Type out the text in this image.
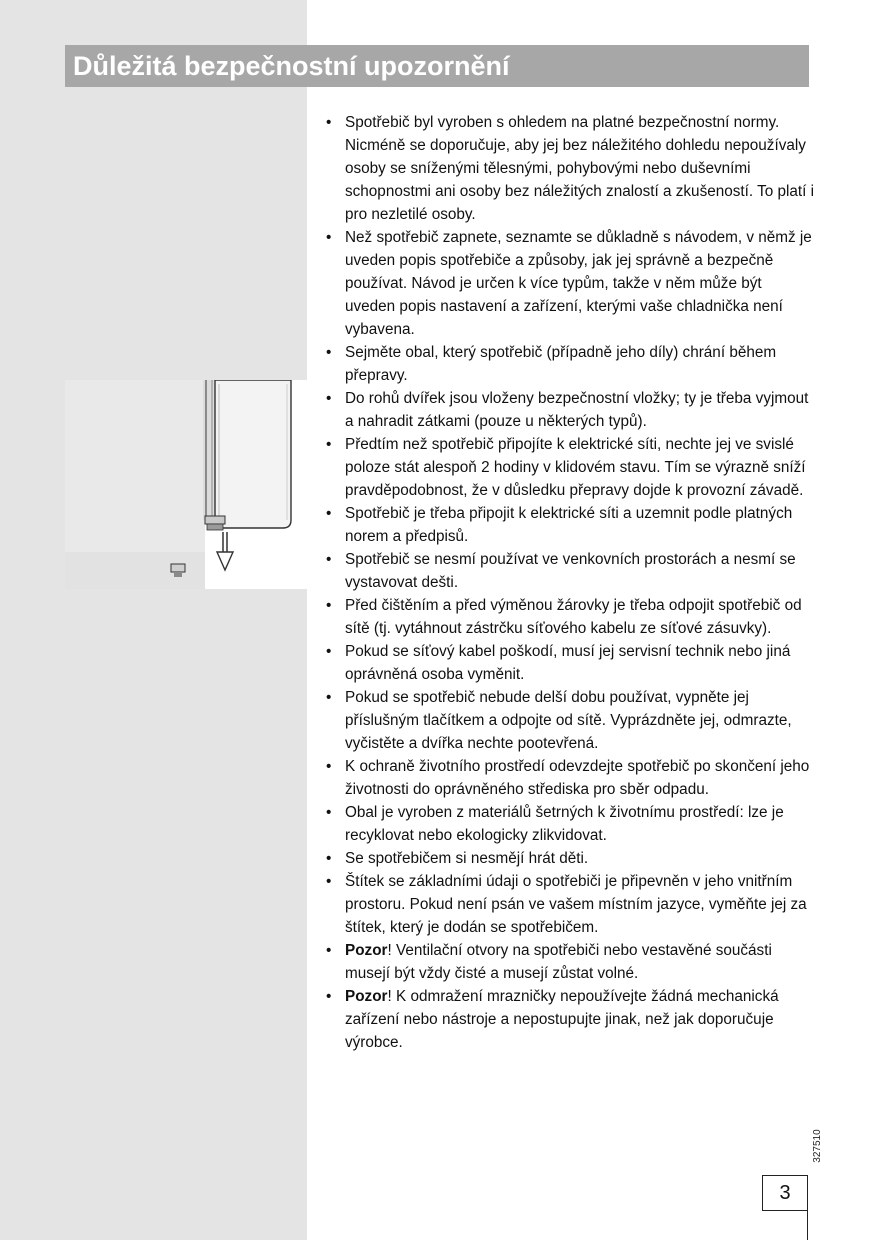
Důležitá bezpečnostní upozornění
• Spotřebič byl vyroben s ohledem na platné bezpečnostní normy. Nicméně se doporučuje, aby jej bez náležitého dohledu nepoužívaly osoby se sníženými tělesnými, pohybovými nebo duševními schopnostmi ani osoby bez náležitých znalostí a zkušeností. To platí i pro nezletilé osoby.
• Než spotřebič zapnete, seznamte se důkladně s návodem, v němž je uveden popis spotřebiče a způsoby, jak jej správně a bezpečně používat. Návod je určen k více typům, takže v něm může být uveden popis nastavení a zařízení, kterými vaše chladnička není vybavena.
• Sejměte obal, který spotřebič (případně jeho díly) chrání během přepravy.
• Do rohů dvířek jsou vloženy bezpečnostní vložky; ty je třeba vyjmout a nahradit zátkami (pouze u některých typů).
• Předtím než spotřebič připojíte k elektrické síti, nechte jej ve svislé poloze stát alespoň 2 hodiny v klidovém stavu. Tím se výrazně sníží pravděpodobnost, že v důsledku přepravy dojde k provozní závadě.
• Spotřebič je třeba připojit k elektrické síti a uzemnit podle platných norem a předpisů.
• Spotřebič se nesmí používat ve venkovních prostorách a nesmí se vystavovat dešti.
• Před čištěním a před výměnou žárovky je třeba odpojit spotřebič od sítě (tj. vytáhnout zástrčku síťového kabelu ze síťové zásuvky).
• Pokud se síťový kabel poškodí, musí jej servisní technik nebo jiná oprávněná osoba vyměnit.
• Pokud se spotřebič nebude delší dobu používat, vypněte jej příslušným tlačítkem a odpojte od sítě. Vyprázdněte jej, odmrazte, vyčistěte a dvířka nechte pootevřená.
• K ochraně životního prostředí odevzdejte spotřebič po skončení jeho životnosti do oprávněného střediska pro sběr odpadu.
• Obal je vyroben z materiálů šetrných k životnímu prostředí: lze je recyklovat nebo ekologicky zlikvidovat.
• Se spotřebičem si nesmějí hrát děti.
• Štítek se základními údaji o spotřebiči je připevněn v jeho vnitřním prostoru. Pokud není psán ve vašem místním jazyce, vyměňte jej za štítek, který je dodán se spotřebičem.
• Pozor! Ventilační otvory na spotřebiči nebo vestavěné součásti musejí být vždy čisté a musejí zůstat volné.
• Pozor! K odmražení mrazničky nepoužívejte žádná mechanická zařízení nebo nástroje a nepostupujte jinak, než jak doporučuje výrobce.
327510
3
